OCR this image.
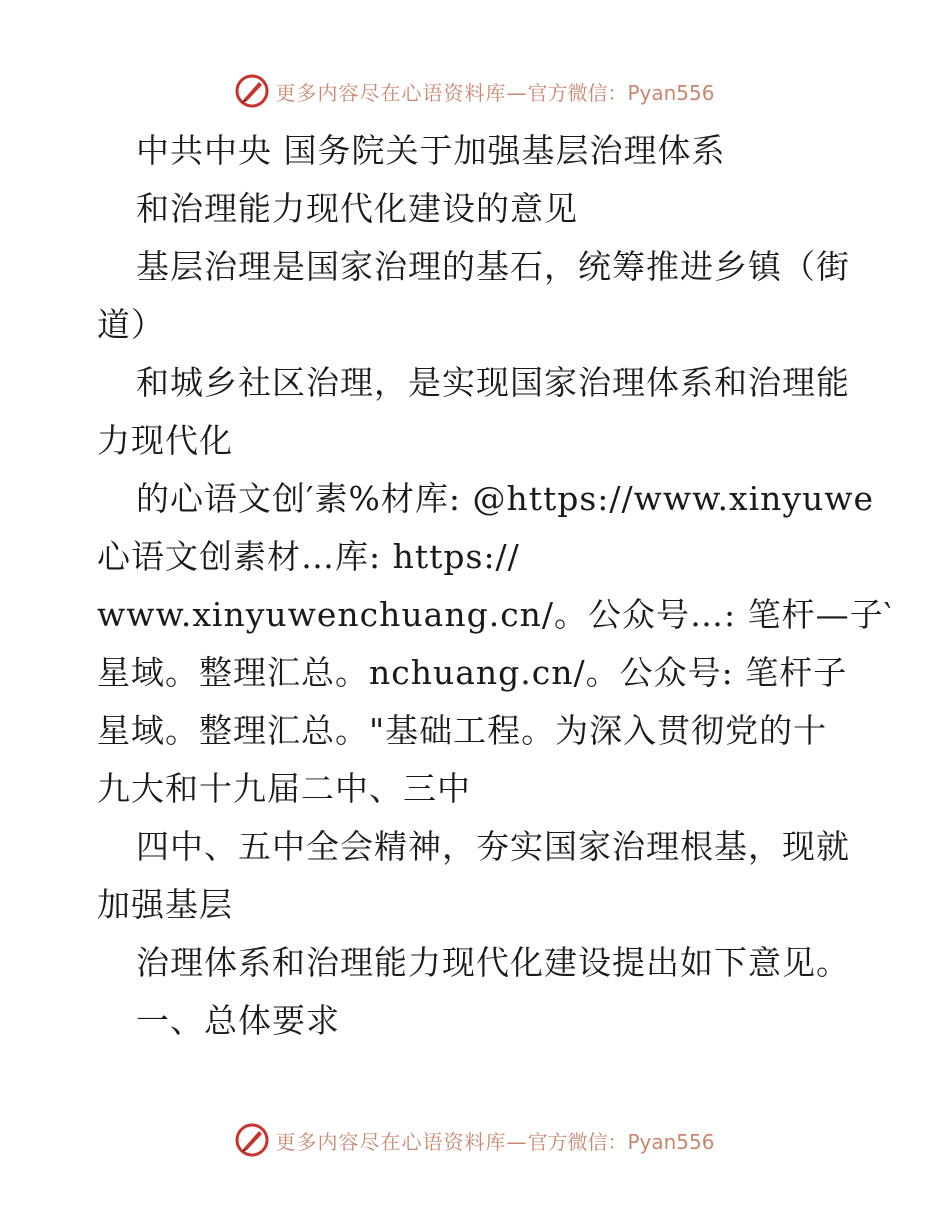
更多内容尽在心语资料库— 官方微信：Pyan556
中共中央 国务院关于加强基层治理体系
和治理能力现代化建设的意见
基层治理是国家治理的基石，统筹推进乡镇（街
道）
和城乡社区治理，是实现国家治理体系和治理能
力现代化
的心语文创′素%材库: @https://www.xinyuwe
心语文创素材…库: https://
www.xinyuwenchuang.cn/。公众号…: 笔杆—子‵
星域。整理汇总。nchuang.cn/。公众号: 笔杆子
星域。整理汇总。"基础工程。为深入贯彻党的十
九大和十九届二中、三中
四中、五中全会精神，夯实国家治理根基，现就
加强基层
治理体系和治理能力现代化建设提出如下意见。
一、总体要求
更多内容尽在心语资料库— 官方微信：Pyan556
